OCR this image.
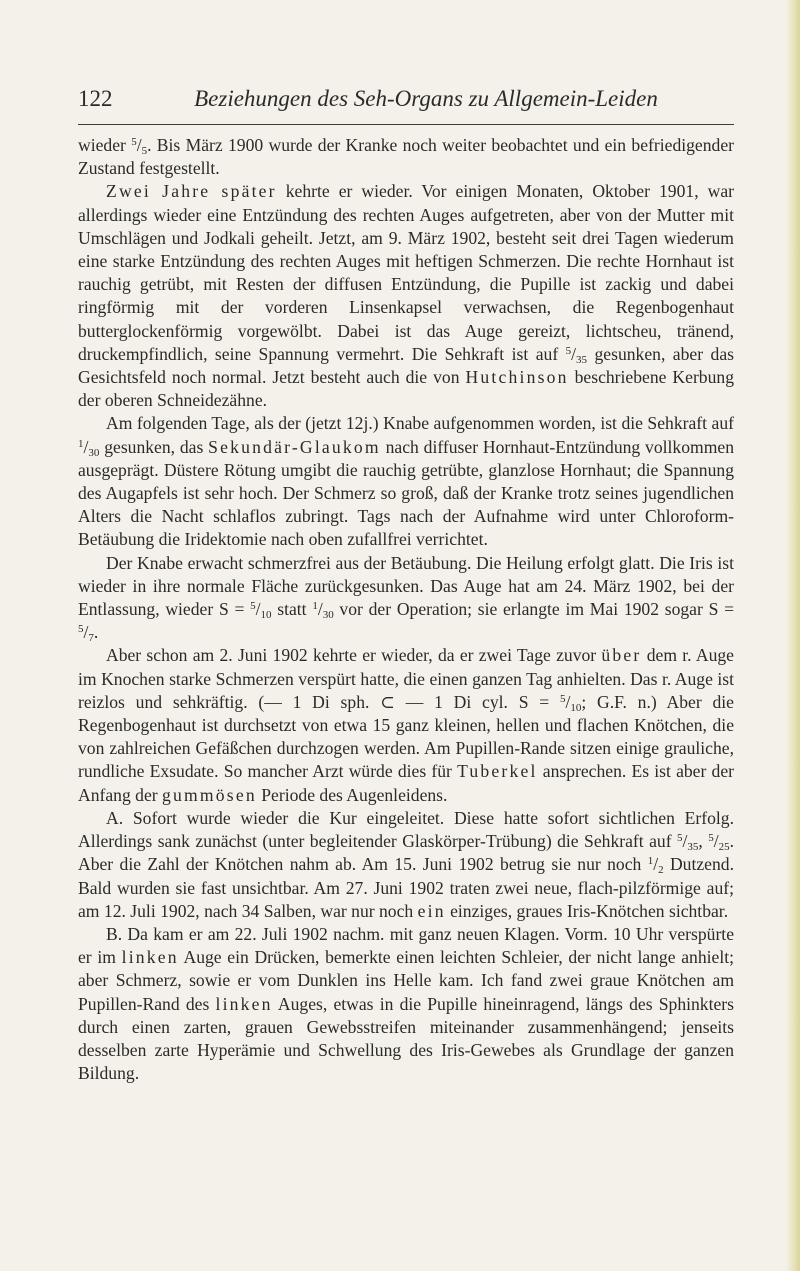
122	Beziehungen des Seh-Organs zu Allgemein-Leiden

wieder $^5/_5$. Bis März 1900 wurde der Kranke noch weiter beobachtet und ein befriedigender Zustand festgestellt.

Zwei Jahre später kehrte er wieder. Vor einigen Monaten, Oktober 1901, war allerdings wieder eine Entzündung des rechten Auges aufgetreten, aber von der Mutter mit Umschlägen und Jodkali geheilt. Jetzt, am 9. März 1902, besteht seit drei Tagen wiederum eine starke Entzündung des rechten Auges mit heftigen Schmerzen. Die rechte Hornhaut ist rauchig getrübt, mit Resten der diffusen Entzündung, die Pupille ist zackig und dabei ringförmig mit der vorderen Linsenkapsel verwachsen, die Regenbogenhaut butterglockenförmig vorgewölbt. Dabei ist das Auge gereizt, lichtscheu, tränend, druckempfindlich, seine Spannung vermehrt. Die Sehkraft ist auf $^5/_{35}$ gesunken, aber das Gesichtsfeld noch normal. Jetzt besteht auch die von Hutchinson beschriebene Kerbung der oberen Schneidezähne.

Am folgenden Tage, als der (jetzt 12j.) Knabe aufgenommen worden, ist die Sehkraft auf $^1/_{30}$ gesunken, das Sekundär-Glaukom nach diffuser Hornhaut-Entzündung vollkommen ausgeprägt. Düstere Rötung umgibt die rauchig getrübte, glanzlose Hornhaut; die Spannung des Augapfels ist sehr hoch. Der Schmerz so groß, daß der Kranke trotz seines jugendlichen Alters die Nacht schlaflos zubringt. Tags nach der Aufnahme wird unter Chloroform-Betäubung die Iridektomie nach oben zufallfrei verrichtet.

Der Knabe erwacht schmerzfrei aus der Betäubung. Die Heilung erfolgt glatt. Die Iris ist wieder in ihre normale Fläche zurückgesunken. Das Auge hat am 24. März 1902, bei der Entlassung, wieder $S = ^5/_{10}$ statt $^1/_{30}$ vor der Operation; sie erlangte im Mai 1902 sogar $S = ^5/_7$.

Aber schon am 2. Juni 1902 kehrte er wieder, da er zwei Tage zuvor über dem r. Auge im Knochen starke Schmerzen verspürt hatte, die einen ganzen Tag anhielten. Das r. Auge ist reizlos und sehkräftig. (— 1 Di sph. ⊂ — 1 Di cyl. $S = ^5/_{10}$; G.F. n.) Aber die Regenbogenhaut ist durchsetzt von etwa 15 ganz kleinen, hellen und flachen Knötchen, die von zahlreichen Gefäßchen durchzogen werden. Am Pupillen-Rande sitzen einige grauliche, rundliche Exsudate. So mancher Arzt würde dies für Tuberkel ansprechen. Es ist aber der Anfang der gummösen Periode des Augenleidens.

A. Sofort wurde wieder die Kur eingeleitet. Diese hatte sofort sichtlichen Erfolg. Allerdings sank zunächst (unter begleitender Glaskörper-Trübung) die Sehkraft auf $^5/_{35}$, $^5/_{25}$. Aber die Zahl der Knötchen nahm ab. Am 15. Juni 1902 betrug sie nur noch $^1/_2$ Dutzend. Bald wurden sie fast unsichtbar. Am 27. Juni 1902 traten zwei neue, flach-pilzförmige auf; am 12. Juli 1902, nach 34 Salben, war nur noch ein einziges, graues Iris-Knötchen sichtbar.

B. Da kam er am 22. Juli 1902 nachm. mit ganz neuen Klagen. Vorm. 10 Uhr verspürte er im linken Auge ein Drücken, bemerkte einen leichten Schleier, der nicht lange anhielt; aber Schmerz, sowie er vom Dunklen ins Helle kam. Ich fand zwei graue Knötchen am Pupillen-Rand des linken Auges, etwas in die Pupille hineinragend, längs des Sphinkters durch einen zarten, grauen Gewebsstreifen miteinander zusammenhängend; jenseits desselben zarte Hyperämie und Schwellung des Iris-Gewebes als Grundlage der ganzen Bildung.
